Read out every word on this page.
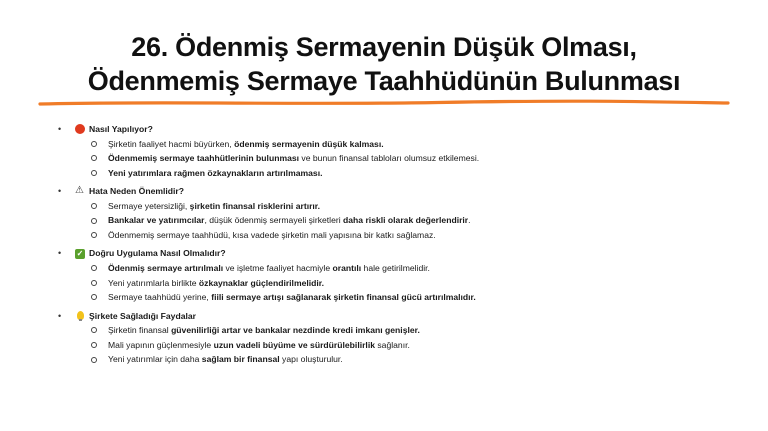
26. Ödenmiş Sermayenin Düşük Olması,
Ödenmemiş Sermaye Taahhüdünün Bulunması
•	Nasıl Yapılıyor?
Şirketin faaliyet hacmi büyürken, ödenmiş sermayenin düşük kalması.
Ödenmemiş sermaye taahhütlerinin bulunması ve bunun finansal tabloları olumsuz etkilemesi.
Yeni yatırımlara rağmen özkaynakların artırılmaması.
•	⚠ Hata Neden Önemlidir?
Sermaye yetersizliği, şirketin finansal risklerini artırır.
Bankalar ve yatırımcılar, düşük ödenmiş sermayeli şirketleri daha riskli olarak değerlendirir.
Ödenmemiş sermaye taahhüdü, kısa vadede şirketin mali yapısına bir katkı sağlamaz.
•	✓ Doğru Uygulama Nasıl Olmalıdır?
Ödenmiş sermaye artırılmalı ve işletme faaliyet hacmiyle orantılı hale getirilmelidir.
Yeni yatırımlarla birlikte özkaynaklar güçlendirilmelidir.
Sermaye taahhüdü yerine, fiili sermaye artışı sağlanarak şirketin finansal gücü artırılmalıdır.
•	Şirkete Sağladığı Faydalar
Şirketin finansal güvenilirliği artar ve bankalar nezdinde kredi imkanı genişler.
Mali yapının güçlenmesiyle uzun vadeli büyüme ve sürdürülebilirlik sağlanır.
Yeni yatırımlar için daha sağlam bir finansal yapı oluşturulur.
